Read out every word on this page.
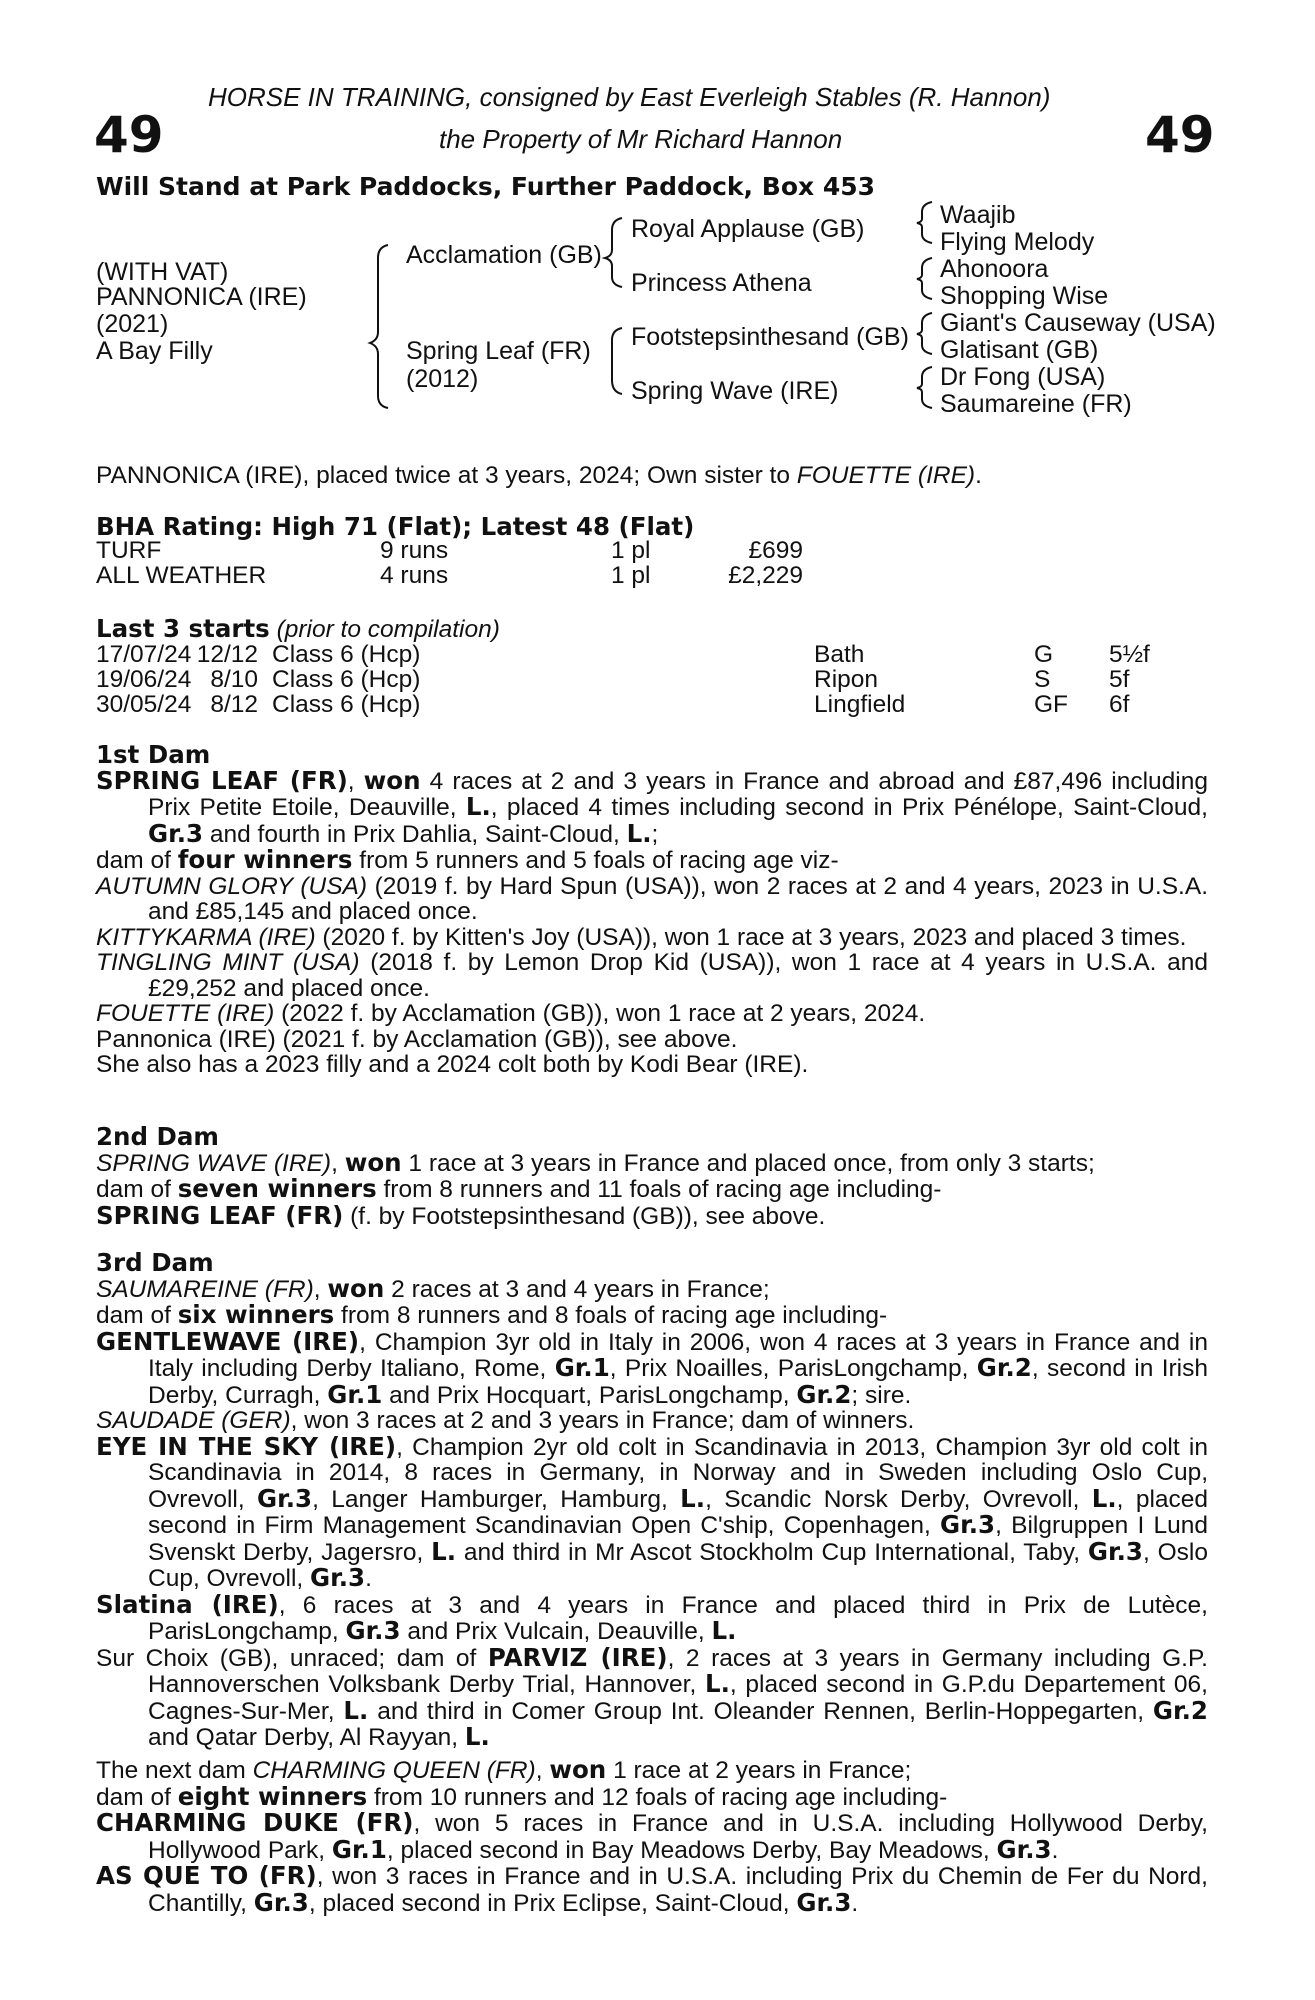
HORSE IN TRAINING, consigned by East Everleigh Stables (R. Hannon)
the Property of Mr Richard Hannon
49	49
Will Stand at Park Paddocks, Further Paddock, Box 453
(WITH VAT)
PANNONICA (IRE)
(2021)
A Bay Filly
Acclamation (GB)
Spring Leaf (FR)
(2012)
Royal Applause (GB)
Princess Athena
Footstepsinthesand (GB)
Spring Wave (IRE)
Waajib
Flying Melody
Ahonoora
Shopping Wise
Giant's Causeway (USA)
Glatisant (GB)
Dr Fong (USA)
Saumareine (FR)
PANNONICA (IRE), placed twice at 3 years, 2024; Own sister to FOUETTE (IRE).
BHA Rating: High 71 (Flat); Latest 48 (Flat)
TURF	9 runs	1 pl	£699
ALL WEATHER	4 runs	1 pl	£2,229
Last 3 starts (prior to compilation)
17/07/24	12/12	Class 6 (Hcp)	Bath	G	5½f
19/06/24	8/10	Class 6 (Hcp)	Ripon	S	5f
30/05/24	8/12	Class 6 (Hcp)	Lingfield	GF	6f

1st Dam

SPRING LEAF (FR), won 4 races at 2 and 3 years in France and abroad and £87,496 including Prix Petite Etoile, Deauville, L., placed 4 times including second in Prix Pénélope, Saint-Cloud, Gr.3 and fourth in Prix Dahlia, Saint-Cloud, L.;

dam of four winners from 5 runners and 5 foals of racing age viz-

AUTUMN GLORY (USA) (2019 f. by Hard Spun (USA)), won 2 races at 2 and 4 years, 2023 in U.S.A. and £85,145 and placed once.

KITTYKARMA (IRE) (2020 f. by Kitten's Joy (USA)), won 1 race at 3 years, 2023 and placed 3 times.

TINGLING MINT (USA) (2018 f. by Lemon Drop Kid (USA)), won 1 race at 4 years in U.S.A. and £29,252 and placed once.

FOUETTE (IRE) (2022 f. by Acclamation (GB)), won 1 race at 2 years, 2024.

Pannonica (IRE) (2021 f. by Acclamation (GB)), see above.

She also has a 2023 filly and a 2024 colt both by Kodi Bear (IRE).

2nd Dam

SPRING WAVE (IRE), won 1 race at 3 years in France and placed once, from only 3 starts;

dam of seven winners from 8 runners and 11 foals of racing age including-

SPRING LEAF (FR) (f. by Footstepsinthesand (GB)), see above.

3rd Dam

SAUMAREINE (FR), won 2 races at 3 and 4 years in France;

dam of six winners from 8 runners and 8 foals of racing age including-

GENTLEWAVE (IRE), Champion 3yr old in Italy in 2006, won 4 races at 3 years in France and in Italy including Derby Italiano, Rome, Gr.1, Prix Noailles, ParisLongchamp, Gr.2, second in Irish Derby, Curragh, Gr.1 and Prix Hocquart, ParisLongchamp, Gr.2; sire.

SAUDADE (GER), won 3 races at 2 and 3 years in France; dam of winners.

EYE IN THE SKY (IRE), Champion 2yr old colt in Scandinavia in 2013, Champion 3yr old colt in Scandinavia in 2014, 8 races in Germany, in Norway and in Sweden including Oslo Cup, Ovrevoll, Gr.3, Langer Hamburger, Hamburg, L., Scandic Norsk Derby, Ovrevoll, L., placed second in Firm Management Scandinavian Open C'ship, Copenhagen, Gr.3, Bilgruppen I Lund Svenskt Derby, Jagersro, L. and third in Mr Ascot Stockholm Cup International, Taby, Gr.3, Oslo Cup, Ovrevoll, Gr.3.

Slatina (IRE), 6 races at 3 and 4 years in France and placed third in Prix de Lutèce, ParisLongchamp, Gr.3 and Prix Vulcain, Deauville, L.

Sur Choix (GB), unraced; dam of PARVIZ (IRE), 2 races at 3 years in Germany including G.P. Hannoverschen Volksbank Derby Trial, Hannover, L., placed second in G.P.du Departement 06, Cagnes-Sur-Mer, L. and third in Comer Group Int. Oleander Rennen, Berlin-Hoppegarten, Gr.2 and Qatar Derby, Al Rayyan, L.

The next dam CHARMING QUEEN (FR), won 1 race at 2 years in France;

dam of eight winners from 10 runners and 12 foals of racing age including-

CHARMING DUKE (FR), won 5 races in France and in U.S.A. including Hollywood Derby, Hollywood Park, Gr.1, placed second in Bay Meadows Derby, Bay Meadows, Gr.3.

AS QUE TO (FR), won 3 races in France and in U.S.A. including Prix du Chemin de Fer du Nord, Chantilly, Gr.3, placed second in Prix Eclipse, Saint-Cloud, Gr.3.
